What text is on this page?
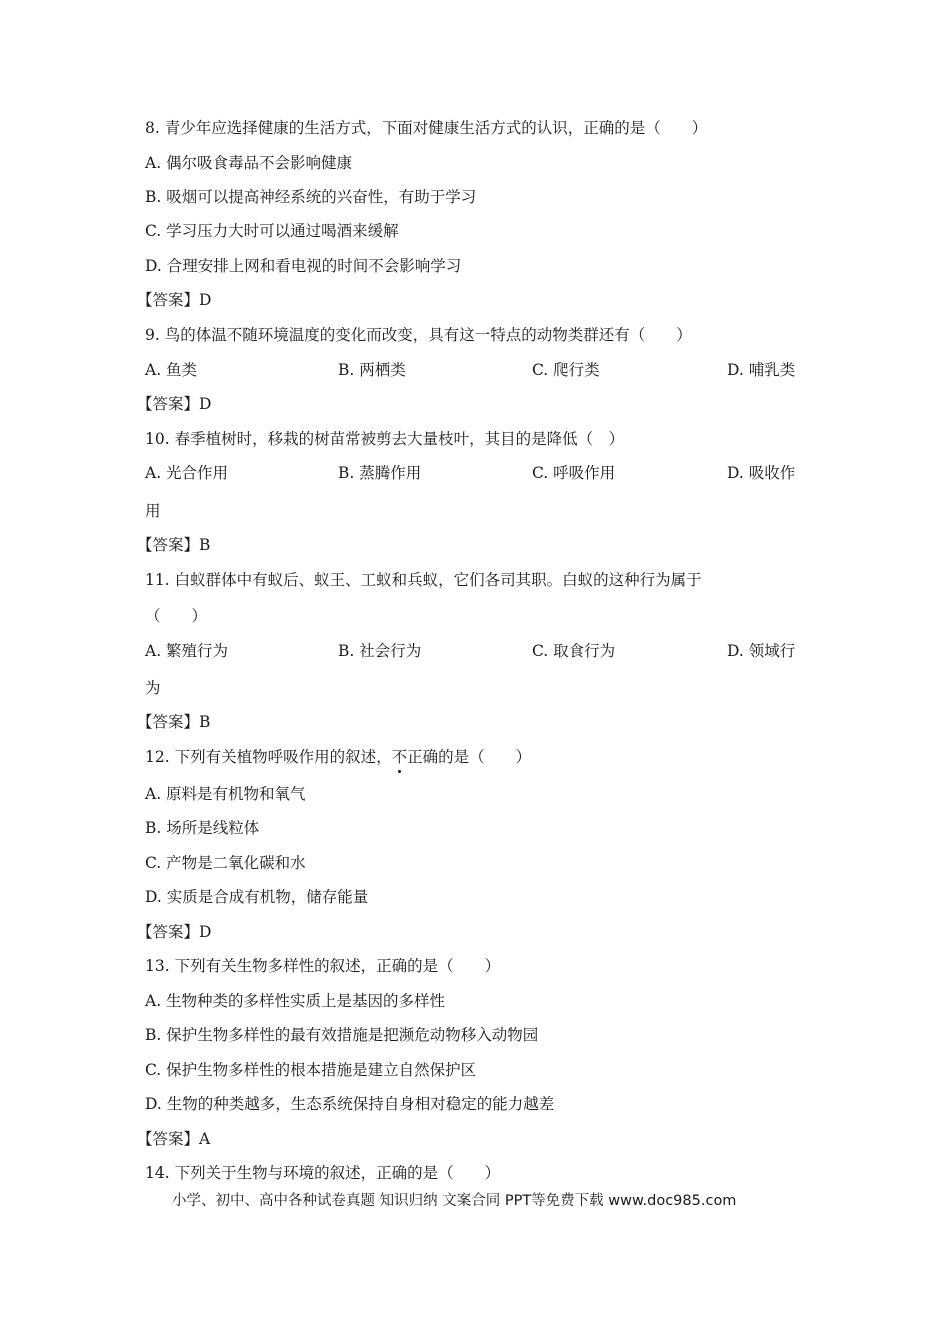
8. 青少年应选择健康的生活方式，下面对健康生活方式的认识，正确的是（　　）
A. 偶尔吸食毒品不会影响健康
B. 吸烟可以提高神经系统的兴奋性，有助于学习
C. 学习压力大时可以通过喝酒来缓解
D. 合理安排上网和看电视的时间不会影响学习
【答案】D
9. 鸟的体温不随环境温度的变化而改变，具有这一特点的动物类群还有（　　）
A. 鱼类	B. 两栖类	C. 爬行类	D. 哺乳类
【答案】D
10. 春季植树时，移栽的树苗常被剪去大量枝叶，其目的是降低（　）
A. 光合作用	B. 蒸腾作用	C. 呼吸作用	D. 吸收作
用
【答案】B
11. 白蚁群体中有蚁后、蚁王、工蚁和兵蚁，它们各司其职。白蚁的这种行为属于
（　　）
A. 繁殖行为	B. 社会行为	C. 取食行为	D. 领域行
为
【答案】B
12. 下列有关植物呼吸作用的叙述，不正确的是（　　）
A. 原料是有机物和氧气
B. 场所是线粒体
C. 产物是二氧化碳和水
D. 实质是合成有机物，储存能量
【答案】D
13. 下列有关生物多样性的叙述，正确的是（　　）
A. 生物种类的多样性实质上是基因的多样性
B. 保护生物多样性的最有效措施是把濒危动物移入动物园
C. 保护生物多样性的根本措施是建立自然保护区
D. 生物的种类越多，生态系统保持自身相对稳定的能力越差
【答案】A
14. 下列关于生物与环境的叙述，正确的是（　　）
小学、初中、高中各种试卷真题 知识归纳 文案合同 PPT等免费下载 www.doc985.com
